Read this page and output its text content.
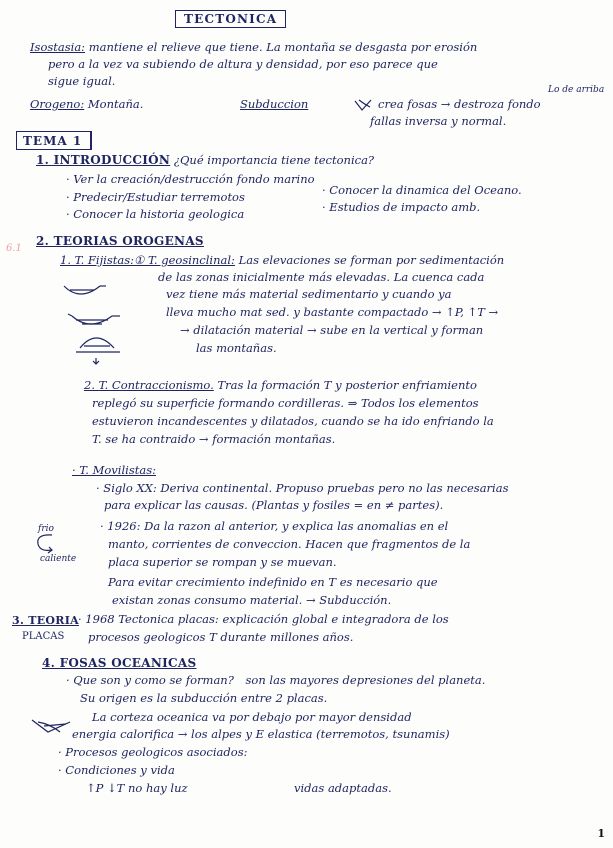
TECTONICA
Isostasia: mantiene el relieve que tiene. La montaña se desgasta por erosión
pero a la vez va subiendo de altura y densidad, por eso parece que
sigue igual.
Orogeno: Montaña.
Lo de arriba
Subduccion	crea fosas → destroza fondo
fallas inversa y normal.
TEMA 1
1. INTRODUCCIÓN ¿Qué importancia tiene tectonica?
· Ver la creación/destrucción fondo marino
· Predecir/Estudiar terremotos
· Conocer la historia geologica
· Conocer la dinamica del Oceano.
· Estudios de impacto amb.
6.1
2. TEORIAS OROGENAS
1. T. Fijistas:① T. geosinclinal: Las elevaciones se forman por sedimentación
de las zonas inicialmente más elevadas. La cuenca cada
vez tiene más material sedimentario y cuando ya
lleva mucho mat sed. y bastante compactado → ↑P, ↑T →
→ dilatación material → sube en la vertical y forman
las montañas.
2. T. Contraccionismo. Tras la formación T y posterior enfriamiento
replegó su superficie formando cordilleras. ⇒ Todos los elementos
estuvieron incandescentes y dilatados, cuando se ha ido enfriando la
T. se ha contraido → formación montañas.
· T. Movilistas:
· Siglo XX: Deriva continental. Propuso pruebas pero no las necesarias
para explicar las causas. (Plantas y fosiles = en ≠ partes).
frio
caliente
· 1926: Da la razon al anterior, y explica las anomalias en el
manto, corrientes de conveccion. Hacen que fragmentos de la
placa superior se rompan y se muevan.
Para evitar crecimiento indefinido en T es necesario que
existan zonas consumo material. → Subducción.
3. TEORIA
PLACAS
· 1968 Tectonica placas: explicación global e integradora de los
procesos geologicos T durante millones años.
4. FOSAS OCEANICAS
· Que son y como se forman? son las mayores depresiones del planeta.
Su origen es la subducción entre 2 placas.
La corteza oceanica va por debajo por mayor densidad
energia calorifica → los alpes y E elastica (terremotos, tsunamis)
· Procesos geologicos asociados:
· Condiciones y vida
↑P ↓T no hay luz	vidas adaptadas.
1
